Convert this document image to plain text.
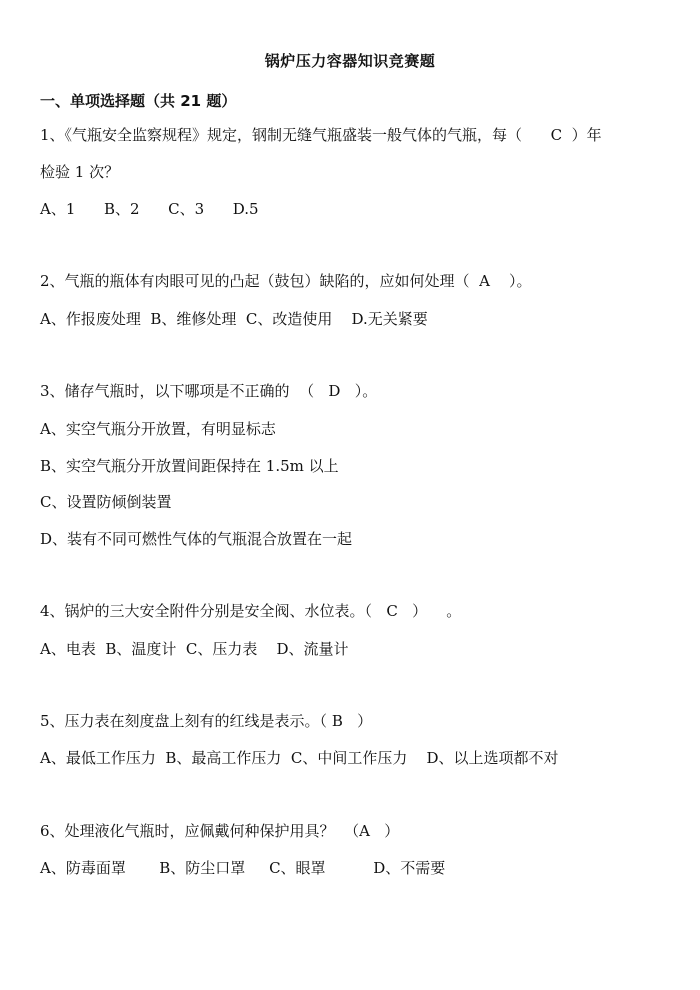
锅炉压力容器知识竞赛题
一、单项选择题（共 21 题）
1、《气瓶安全监察规程》规定，钢制无缝气瓶盛装一般气体的气瓶，每（      C  ）年
检验 1 次？
A、1      B、2      C、3      D.5
2、气瓶的瓶体有肉眼可见的凸起（鼓包）缺陷的，应如何处理（  A    ）。
A、作报废处理  B、维修处理  C、改造使用    D.无关紧要
3、储存气瓶时，以下哪项是不正确的  （   D   ）。
A、实空气瓶分开放置，有明显标志
B、实空气瓶分开放置间距保持在 1.5m 以上
C、设置防倾倒装置
D、装有不同可燃性气体的气瓶混合放置在一起
4、锅炉的三大安全附件分别是安全阀、水位表。（   C   ）    。
A、电表  B、温度计  C、压力表    D、流量计
5、压力表在刻度盘上刻有的红线是表示。（ B   ）
A、最低工作压力  B、最高工作压力  C、中间工作压力    D、以上选项都不对
6、处理液化气瓶时，应佩戴何种保护用具？  （A   ）
A、防毒面罩       B、防尘口罩     C、眼罩          D、不需要
